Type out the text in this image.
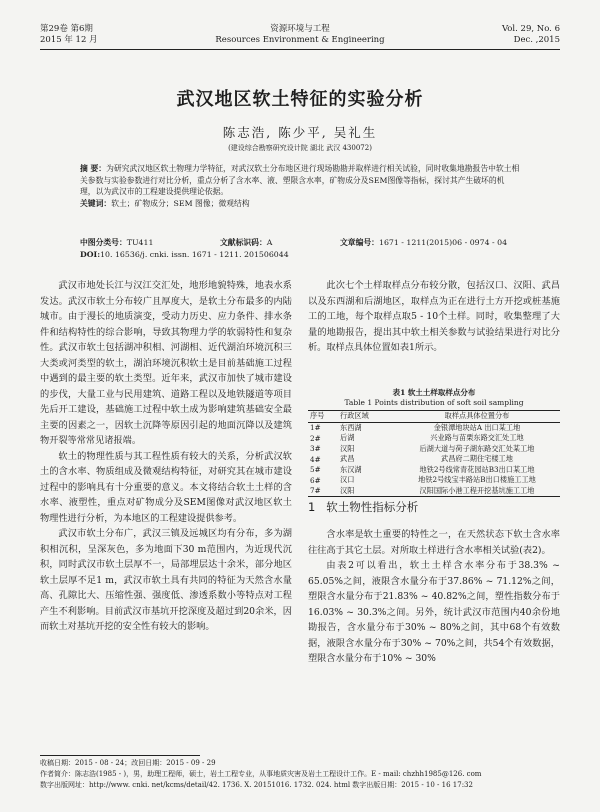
第29卷 第6期
2015 年 12 月
资源环境与工程
Resources Environment & Engineering
Vol. 29, No. 6
Dec. ,2015
武汉地区软土特征的实验分析
陈志浩, 陈少平, 吴礼生
(建设综合勘察研究设计院 湖北 武汉 430072)
摘 要：为研究武汉地区软土物理力学特征，对武汉软土分布地区进行现场勘勘并取样进行相关试验，同时收集地勘报告中软土相关参数与实验参数进行对比分析，重点分析了含水率、液、塑限含水率，矿物成分及SEM图像等指标，探讨其产生破坏的机理，以为武汉市的工程建设提供理论依据。
关键词：软土；矿物成分；SEM 图像；微观结构
中图分类号：TU411	文献标识码：A	文章编号：1671 - 1211(2015)06 - 0974 - 04
DOI:10. 16536/j. cnki. issn. 1671 - 1211. 201506044

武汉市地处长江与汉江交汇处，地形地貌特殊，地表水系发达。武汉市软土分布较广且厚度大，是软土分布最多的内陆城市。由于漫长的地质演变，受动力历史、应力条件、排水条件和结构特性的综合影响，导致其物理力学的软弱特性和复杂性。武汉市软土包括湖冲积相、河湖相、近代湖泊环境沉积三大类或河类型的软土，湖泊环境沉积软土是目前基础施工过程中遇到的最主要的软土类型。近年来，武汉市加快了城市建设的步伐，大量工业与民用建筑、道路工程以及地铁隧道等项目先后开工建设，基础施工过程中软土成为影响建筑基础安全最主要的因素之一，因软土沉降等原因引起的地面沉降以及建筑物开裂等常常见诸报端。

软土的物理性质与其工程性质有较大的关系，分析武汉软土的含水率、物质组成及微观结构特征，对研究其在城市建设过程中的影响具有十分重要的意义。本文将结合软土土样的含水率、液塑性，重点对矿物成分及SEM图像对武汉地区软土物理性进行分析，为本地区的工程建设提供参考。

武汉市软土分布广，武汉三镇及远城区均有分布，多为湖积相沉积，呈深灰色，多为地面下30 m范围内，为近现代沉积，同时武汉市软土层厚不一，局部埋层达十余米，部分地区软土层厚不足1 m，武汉市软土具有共同的特征为天然含水量高、孔隙比大、压缩性强、强度低、渗透系数小等特点对工程产生不利影响。目前武汉市基坑开挖深度及超过到20余米，因而软土对基坑开挖的安全性有较大的影响。

此次七个土样取样点分布较分散，包括汉口、汉阳、武昌以及东西湖和后湖地区，取样点为正在进行土方开挖或桩基施工的工地，每个取样点取5 - 10个土样。同时，收集整理了大量的地勘报告，提出其中软土相关参数与试验结果进行对比分析。取样点具体位置如表1所示。

表1 软土土样取样点分布
Table 1 Points distribution of soft soil sampling
序号	行政区域	取样点具体位置分布
1#	东西湖	金银潭地块站A 出口某工地
2#	后湖	兴业路与苗栗东路交汇处工地
3#	汉阳	后湖大道与荷子湖东路交汇处某工地
4#	武昌	武昌府二期住宅楼工地
5#	东汉湖	地铁2号线常青花园站B3出口某工地
6#	汉口	地铁2号线宝丰路站B出口楼施工工地
7#	汉阳	汉阳国际小港工程开挖基坑施工工地
1 软土物性指标分析

含水率是软土重要的特性之一，在天然状态下软土含水率往往高于其它土层。对所取土样进行含水率相关试验(表2)。

由表2可以看出，软土土样含水率分布于38.3% ~ 65.05%之间，液限含水量分布于37.86% ~ 71.12%之间，塑限含水量分布于21.83% ~ 40.82%之间，塑性指数分布于16.03% ~ 30.3%之间。另外，统计武汉市范围内40余份地勘报告，含水量分布于30% ~ 80%之间，其中68个有效数据，液限含水量分布于30% ~ 70%之间，共54个有效数据，塑限含水量分布于10% ~ 30%

收稿日期：2015 - 08 - 24；改回日期：2015 - 09 - 29
作者简介：陈志浩(1985 - )，男，助理工程师，硕士，岩土工程专业，从事地质灾害及岩土工程设计工作。E - mail: chzhh1985@126. com
数字出版网址：http://www. cnki. net/kcms/detail/42. 1736. X. 20151016. 1732. 024. html 数字出版日期：2015 - 10 - 16 17:32
